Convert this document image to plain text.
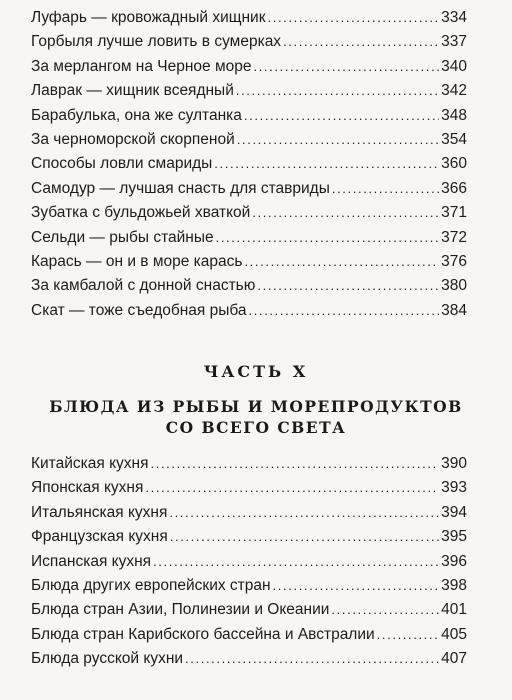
Луфарь — кровожадный хищник . . .	334
Горбыля лучше ловить в сумерках . . .	337
За мерлангом на Черное море . . .	340
Лаврак — хищник всеядный . . .	342
Барабулька, она же султанка . . .	348
За черноморской скорпеной . . .	354
Способы ловли смариды . . .	360
Самодур — лучшая снасть для ставриды . . .	366
Зубатка с бульдожьей хваткой . . .	371
Сельди — рыбы стайные . . .	372
Карась — он и в море карась . . .	376
За камбалой с донной снастью . . .	380
Скат — тоже съедобная рыба . . .	384
ЧАСТЬ X
БЛЮДА ИЗ РЫБЫ И МОРЕПРОДУКТОВ
СО ВСЕГО СВЕТА
Китайская кухня . . .	390
Японская кухня . . .	393
Итальянская кухня . . .	394
Французская кухня . . .	395
Испанская кухня . . .	396
Блюда других европейских стран . . .	398
Блюда стран Азии, Полинезии и Океании . . .	401
Блюда стран Карибского бассейна и Австралии . . .	405
Блюда русской кухни . . .	407
